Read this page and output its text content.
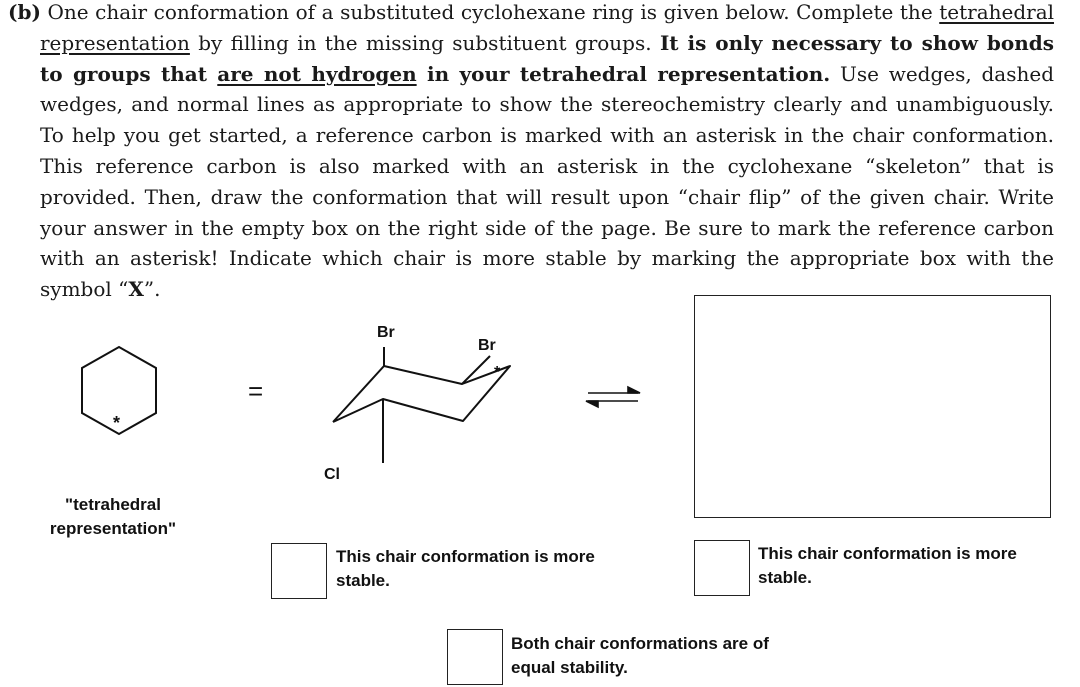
(b) One chair conformation of a substituted cyclohexane ring is given below. Complete the tetrahedral representation by filling in the missing substituent groups. It is only necessary to show bonds to groups that are not hydrogen in your tetrahedral representation. Use wedges, dashed wedges, and normal lines as appropriate to show the stereochemistry clearly and unambiguously. To help you get started, a reference carbon is marked with an asterisk in the chair conformation. This reference carbon is also marked with an asterisk in the cyclohexane “skeleton” that is provided. Then, draw the conformation that will result upon “chair flip” of the given chair. Write your answer in the empty box on the right side of the page. Be sure to mark the reference carbon with an asterisk! Indicate which chair is more stable by marking the appropriate box with the symbol “X”.

*
=
Br
Br
Cl
*
"tetrahedral representation"
This chair conformation is more stable.
This chair conformation is more stable.
Both chair conformations are of equal stability.
